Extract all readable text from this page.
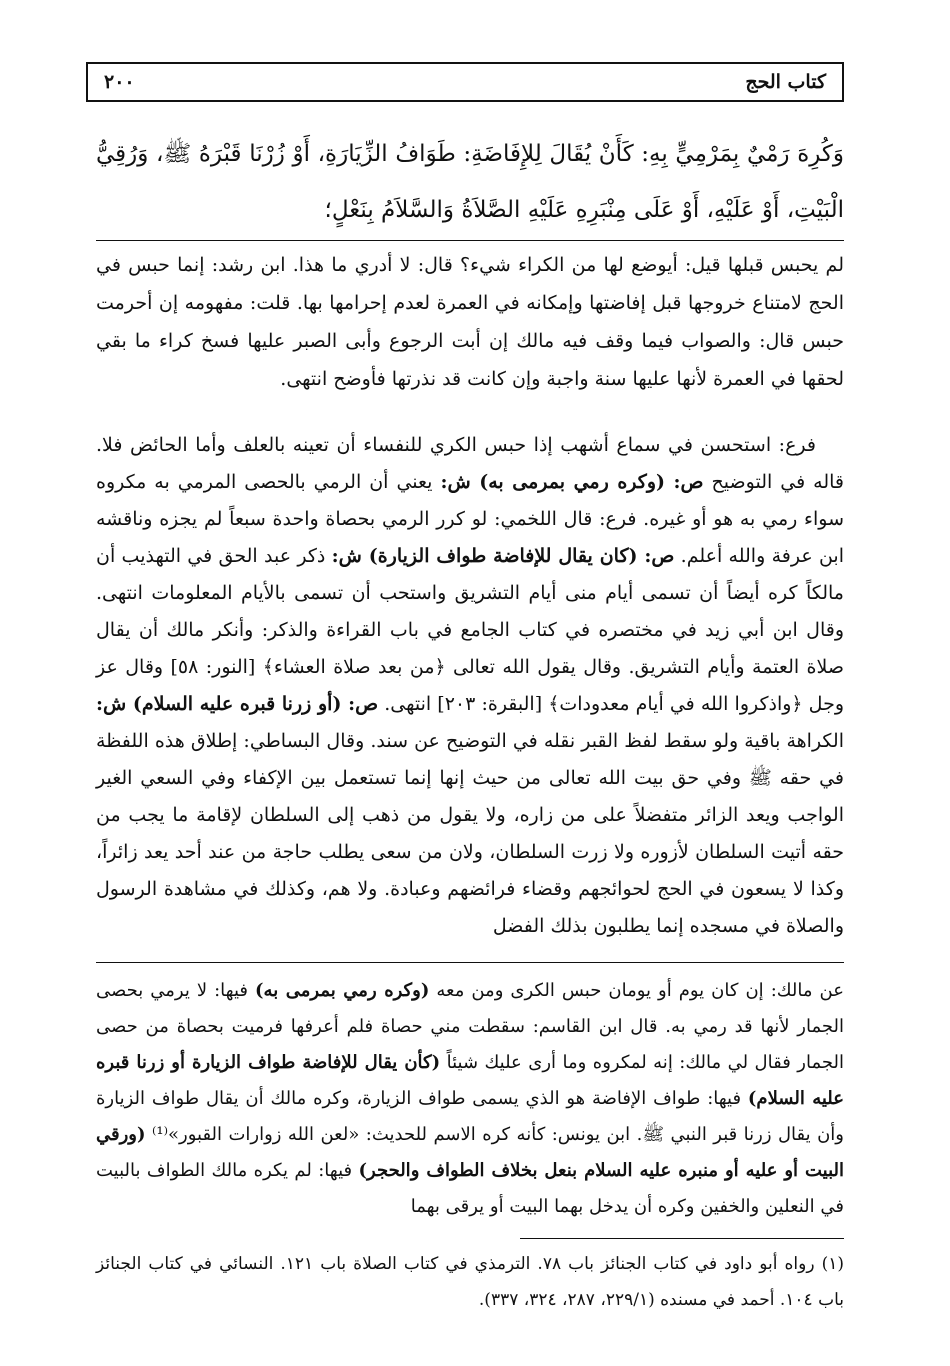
كتاب الحج
٢٠٠

وَكُرِهَ رَمْيٌ بِمَرْمِيٍّ بِهِ: كَأَنْ يُقَالَ لِلإِفَاضَةِ: طَوَافُ الزِّيَارَةِ، أَوْ زُرْنَا قَبْرَهُ ﷺ، وَرُقِيُّ الْبَيْتِ، أَوْ عَلَيْهِ، أَوْ عَلَى مِنْبَرِهِ عَلَيْهِ الصَّلاَةُ وَالسَّلاَمُ بِنَعْلٍ؛

لم يحبس قبلها قيل: أيوضع لها من الكراء شيء؟ قال: لا أدري ما هذا. ابن رشد: إنما حبس في الحج لامتناع خروجها قبل إفاضتها وإمكانه في العمرة لعدم إحرامها بها. قلت: مفهومه إن أحرمت حبس قال: والصواب فيما وقف فيه مالك إن أبت الرجوع وأبى الصبر عليها فسخ كراء ما بقي لحقها في العمرة لأنها عليها سنة واجبة وإن كانت قد نذرتها فأوضح انتهى.

فرع: استحسن في سماع أشهب إذا حبس الكري للنفساء أن تعينه بالعلف وأما الحائض فلا. قاله في التوضيح ص: (وكره رمي بمرمى به) ش: يعني أن الرمي بالحصى المرمي به مكروه سواء رمي به هو أو غيره. فرع: قال اللخمي: لو كرر الرمي بحصاة واحدة سبعاً لم يجزه وناقشه ابن عرفة والله أعلم. ص: (كان يقال للإفاضة طواف الزيارة) ش: ذكر عبد الحق في التهذيب أن مالكاً كره أيضاً أن تسمى أيام منى أيام التشريق واستحب أن تسمى بالأيام المعلومات انتهى. وقال ابن أبي زيد في مختصره في كتاب الجامع في باب القراءة والذكر: وأنكر مالك أن يقال صلاة العتمة وأيام التشريق. وقال يقول الله تعالى ﴿من بعد صلاة العشاء﴾ [النور: ٥٨] وقال عز وجل ﴿واذكروا الله في أيام معدودات﴾ [البقرة: ٢٠٣] انتهى. ص: (أو زرنا قبره عليه السلام) ش: الكراهة باقية ولو سقط لفظ القبر نقله في التوضيح عن سند. وقال البساطي: إطلاق هذه اللفظة في حقه ﷺ وفي حق بيت الله تعالى من حيث إنها إنما تستعمل بين الإكفاء وفي السعي الغير الواجب ويعد الزائر متفضلاً على من زاره، ولا يقول من ذهب إلى السلطان لإقامة ما يجب من حقه أتيت السلطان لأزوره ولا زرت السلطان، ولان من سعى يطلب حاجة من عند أحد يعد زائراً، وكذا لا يسعون في الحج لحوائجهم وقضاء فرائضهم وعبادة. ولا هم، وكذلك في مشاهدة الرسول والصلاة في مسجده إنما يطلبون بذلك الفضل

عن مالك: إن كان يوم أو يومان حبس الكرى ومن معه (وكره رمي بمرمى به) فيها: لا يرمي بحصى الجمار لأنها قد رمي به. قال ابن القاسم: سقطت مني حصاة فلم أعرفها فرميت بحصاة من حصى الجمار فقال لي مالك: إنه لمكروه وما أرى عليك شيئاً (كأن يقال للإفاضة طواف الزيارة أو زرنا قبره عليه السلام) فيها: طواف الإفاضة هو الذي يسمى طواف الزيارة، وكره مالك أن يقال طواف الزيارة وأن يقال زرنا قبر النبي ﷺ. ابن يونس: كأنه كره الاسم للحديث: «لعن الله زوارات القبور»⁽¹⁾ (ورقي البيت أو عليه أو منبره عليه السلام بنعل بخلاف الطواف والحجر) فيها: لم يكره مالك الطواف بالبيت في النعلين والخفين وكره أن يدخل بهما البيت أو يرقى بهما

(١) رواه أبو داود في كتاب الجنائز باب ٧٨. الترمذي في كتاب الصلاة باب ١٢١. النسائي في كتاب الجنائز باب ١٠٤. أحمد في مسنده (٢٢٩/١، ٢٨٧، ٣٢٤، ٣٣٧).
